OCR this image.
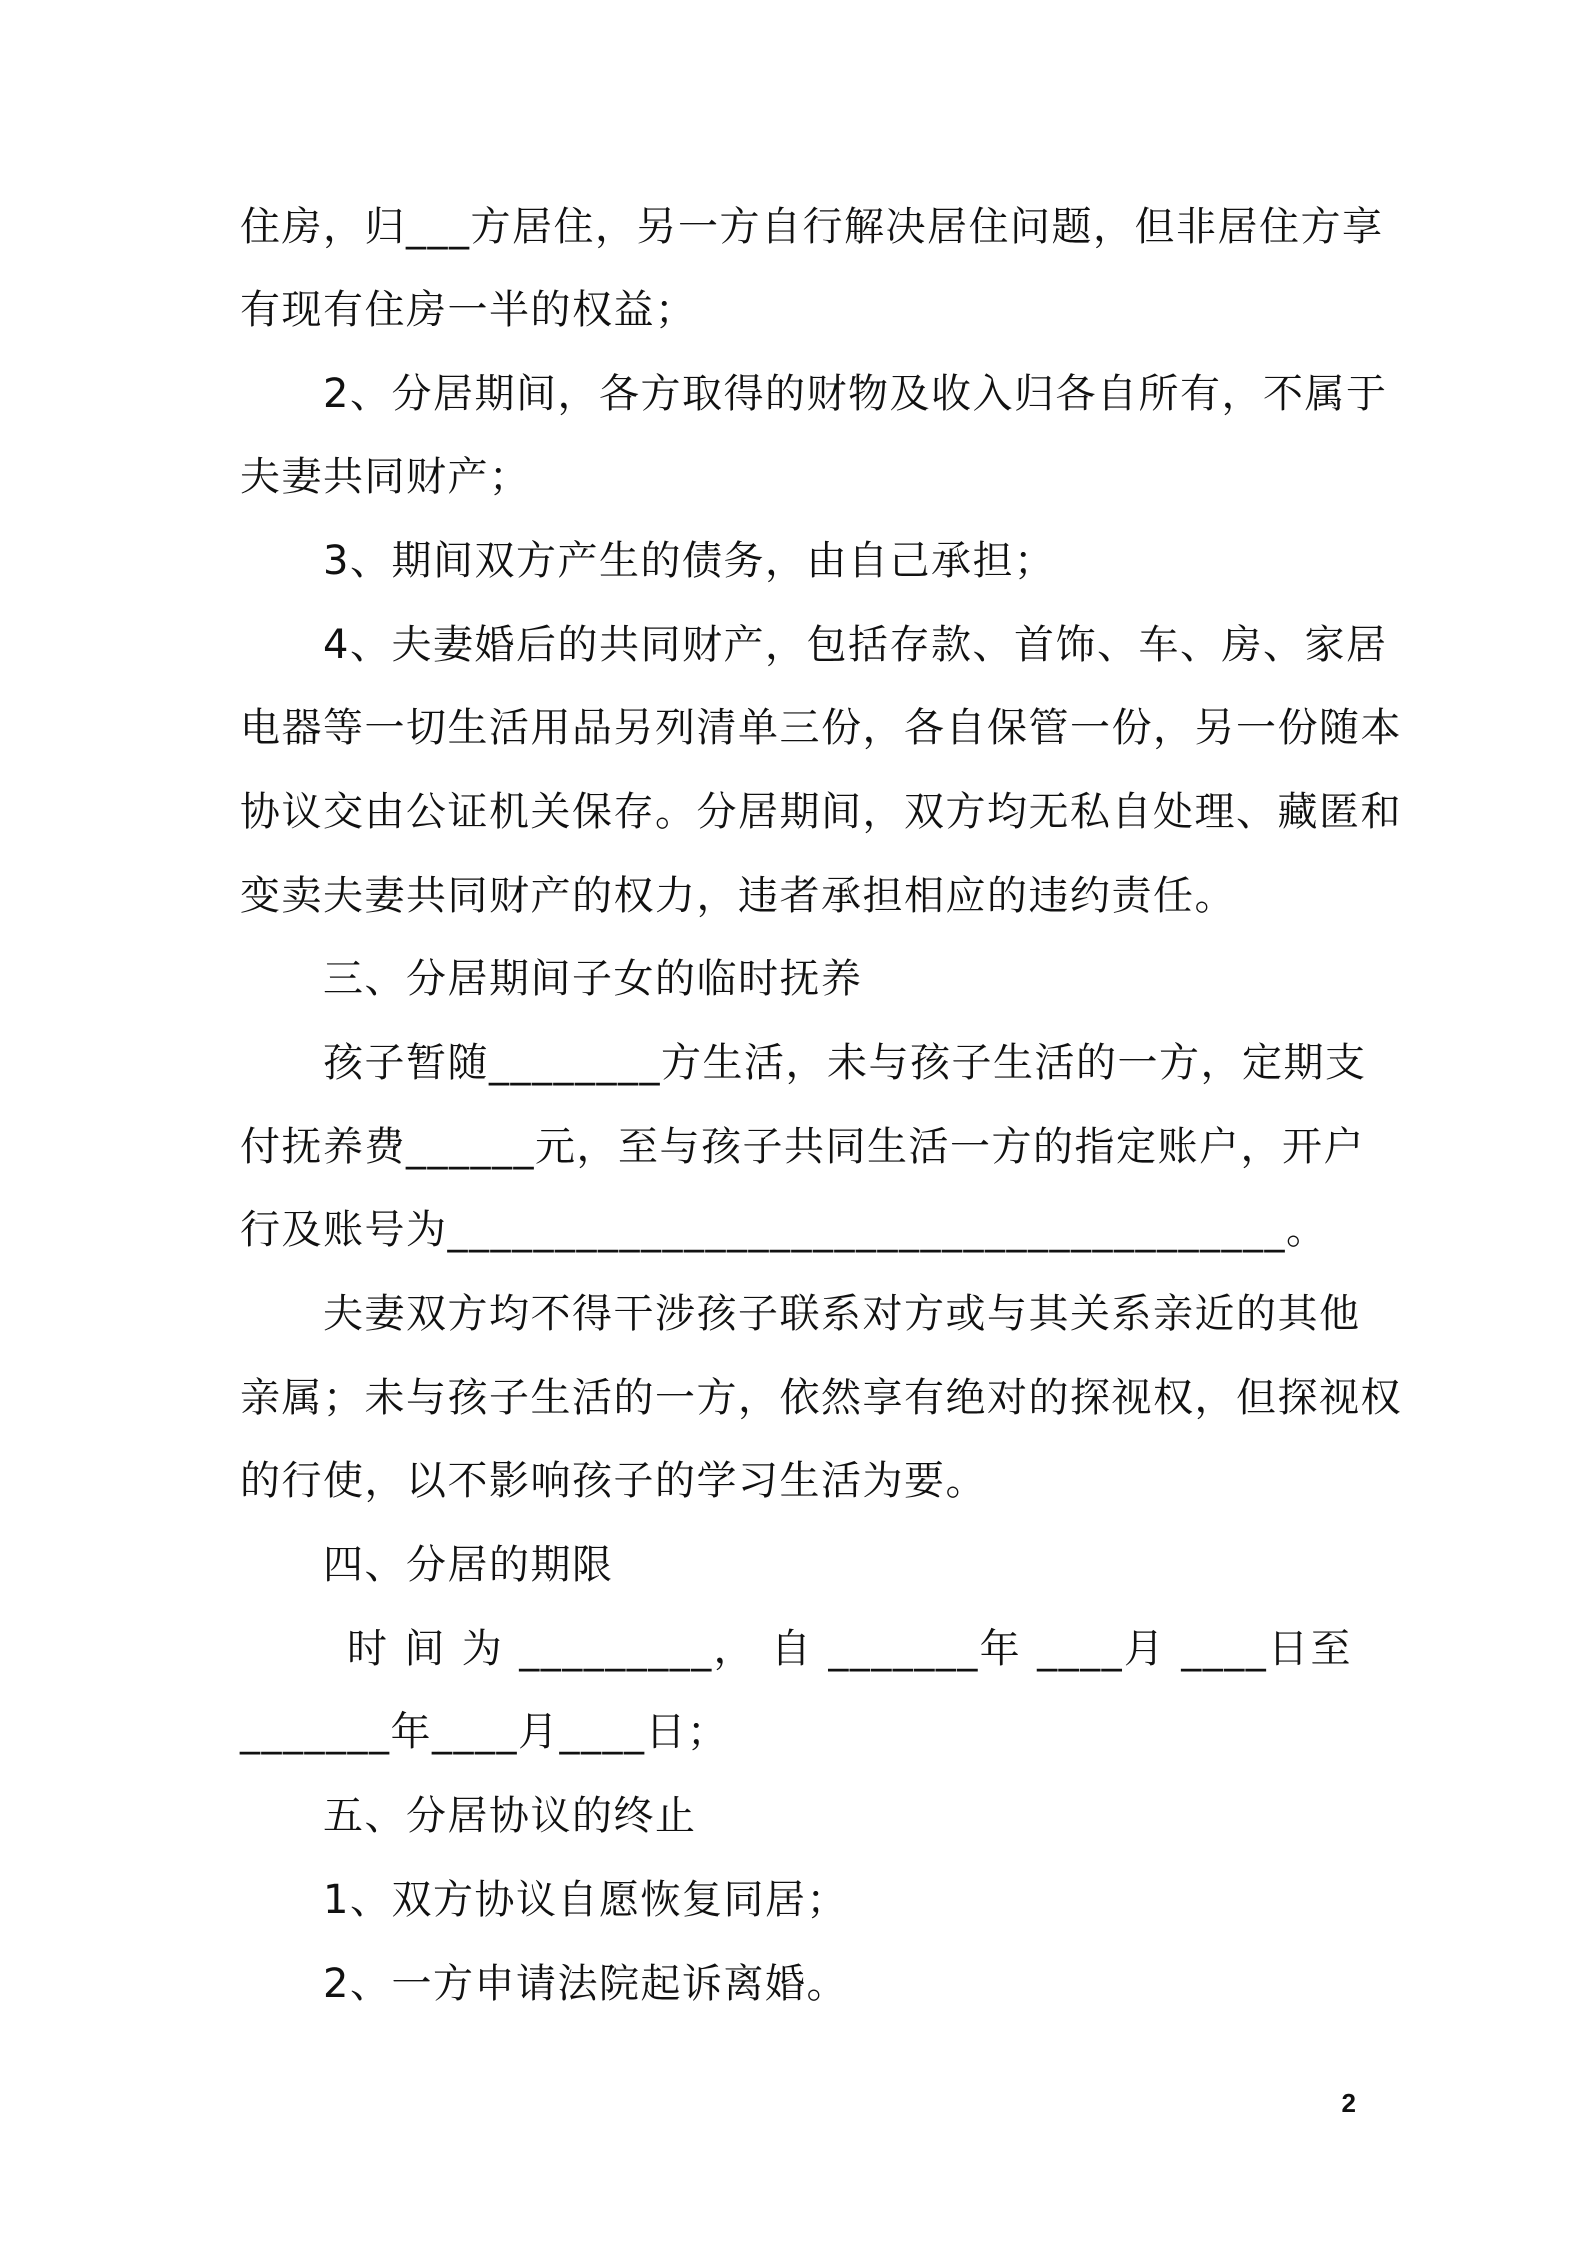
住房，归___方居住，另一方自行解决居住问题，但非居住方享
有现有住房一半的权益；
2、分居期间，各方取得的财物及收入归各自所有，不属于
夫妻共同财产；
3、期间双方产生的债务，由自己承担；
4、夫妻婚后的共同财产，包括存款、首饰、车、房、家居
电器等一切生活用品另列清单三份，各自保管一份，另一份随本
协议交由公证机关保存。分居期间，双方均无私自处理、藏匿和
变卖夫妻共同财产的权力，违者承担相应的违约责任。
三、分居期间子女的临时抚养
孩子暂随________方生活，未与孩子生活的一方，定期支
付抚养费______元，至与孩子共同生活一方的指定账户，开户
行及账号为_______________________________________。
夫妻双方均不得干涉孩子联系对方或与其关系亲近的其他
亲属；未与孩子生活的一方，依然享有绝对的探视权，但探视权
的行使，以不影响孩子的学习生活为要。
四、分居的期限
时 间 为 _________， 自 _______年 ____月 ____日至
_______年____月____日；
五、分居协议的终止
1、双方协议自愿恢复同居；
2、一方申请法院起诉离婚。
2
